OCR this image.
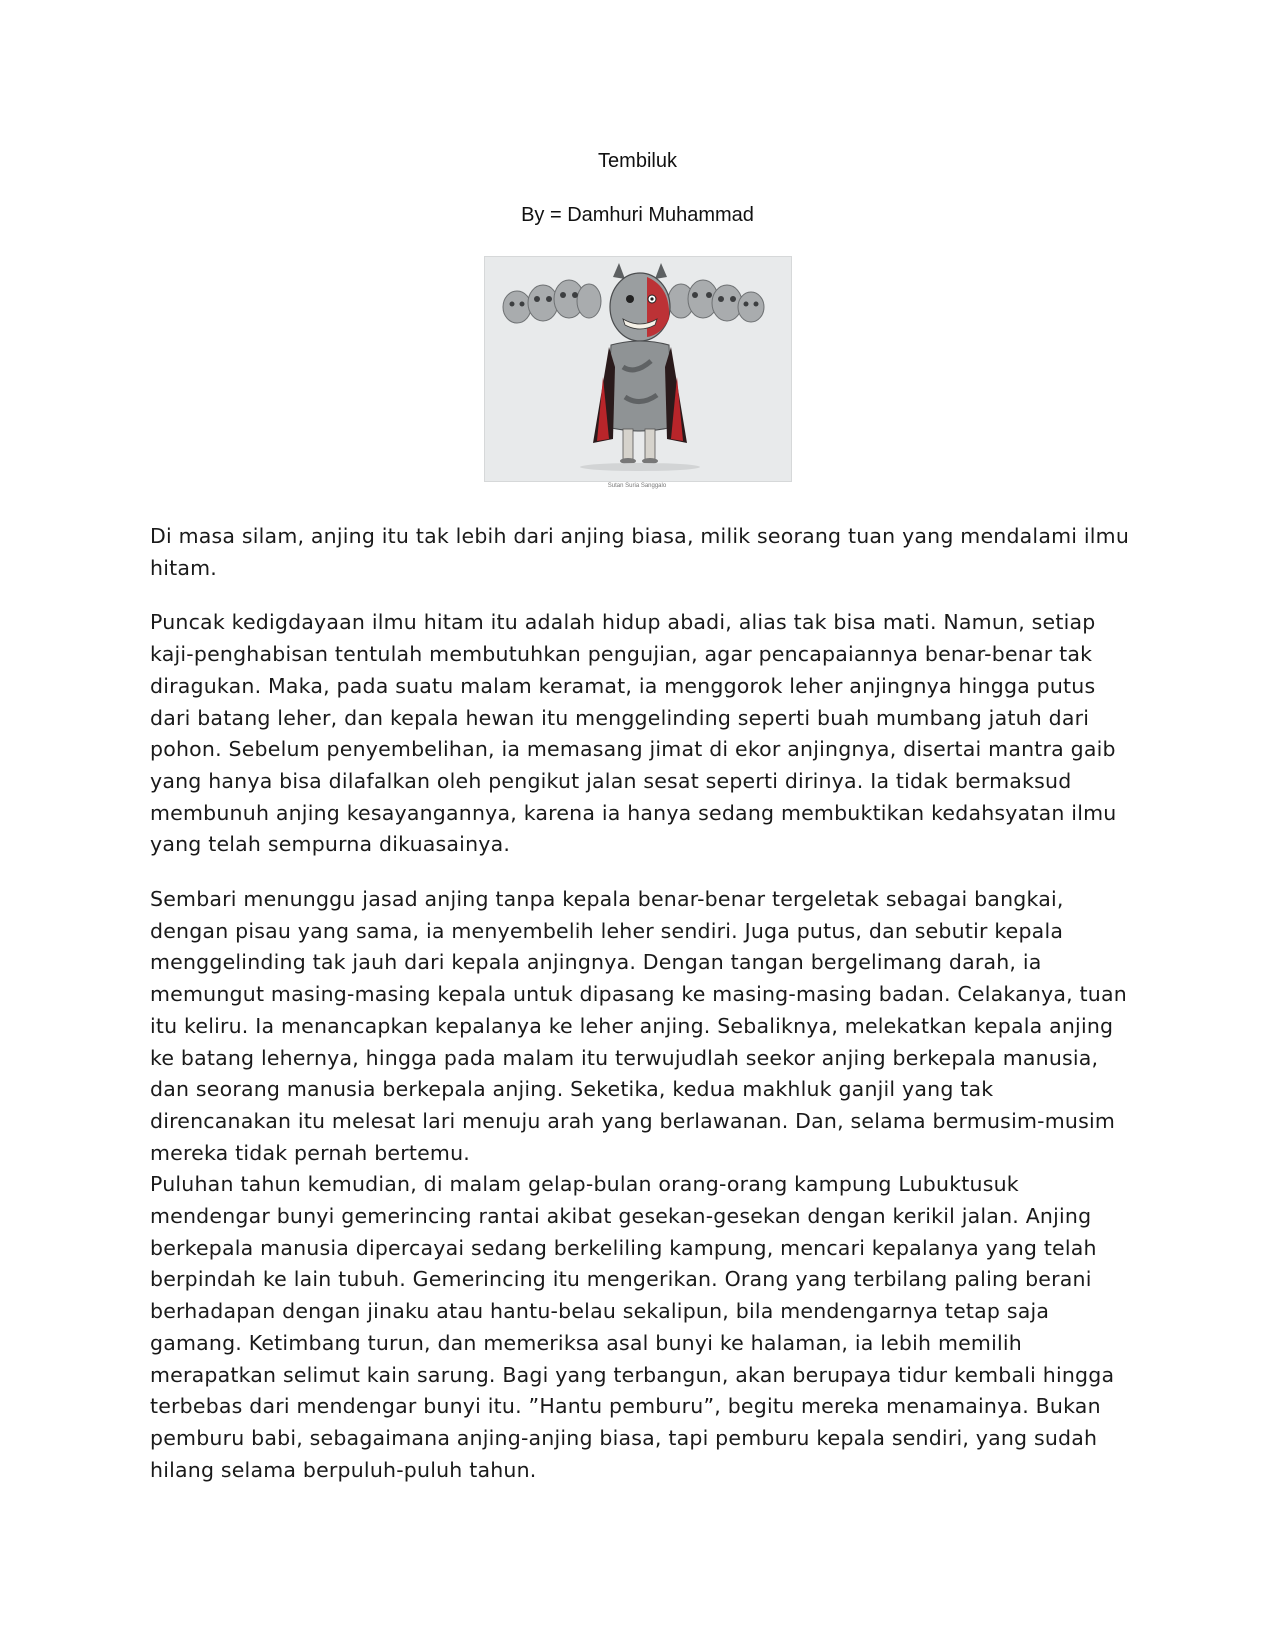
Tembiluk
By = Damhuri Muhammad
Sutan Suria Sanggalo

Di masa silam, anjing itu tak lebih dari anjing biasa, milik seorang tuan yang mendalami ilmu hitam.

Puncak kedigdayaan ilmu hitam itu adalah hidup abadi, alias tak bisa mati. Namun, setiap kaji-penghabisan tentulah membutuhkan pengujian, agar pencapaiannya benar-benar tak diragukan. Maka, pada suatu malam keramat, ia menggorok leher anjingnya hingga putus dari batang leher, dan kepala hewan itu menggelinding seperti buah mumbang jatuh dari pohon. Sebelum penyembelihan, ia memasang jimat di ekor anjingnya, disertai mantra gaib yang hanya bisa dilafalkan oleh pengikut jalan sesat seperti dirinya. Ia tidak bermaksud membunuh anjing kesayangannya, karena ia hanya sedang membuktikan kedahsyatan ilmu yang telah sempurna dikuasainya.

Sembari menunggu jasad anjing tanpa kepala benar-benar tergeletak sebagai bangkai, dengan pisau yang sama, ia menyembelih leher sendiri. Juga putus, dan sebutir kepala menggelinding tak jauh dari kepala anjingnya. Dengan tangan bergelimang darah, ia memungut masing-masing kepala untuk dipasang ke masing-masing badan. Celakanya, tuan itu keliru. Ia menancapkan kepalanya ke leher anjing. Sebaliknya, melekatkan kepala anjing ke batang lehernya, hingga pada malam itu terwujudlah seekor anjing berkepala manusia, dan seorang manusia berkepala anjing. Seketika, kedua makhluk ganjil yang tak direncanakan itu melesat lari menuju arah yang berlawanan. Dan, selama bermusim-musim mereka tidak pernah bertemu.

Puluhan tahun kemudian, di malam gelap-bulan orang-orang kampung Lubuktusuk mendengar bunyi gemerincing rantai akibat gesekan-gesekan dengan kerikil jalan. Anjing berkepala manusia dipercayai sedang berkeliling kampung, mencari kepalanya yang telah berpindah ke lain tubuh. Gemerincing itu mengerikan. Orang yang terbilang paling berani berhadapan dengan jinaku atau hantu-belau sekalipun, bila mendengarnya tetap saja gamang. Ketimbang turun, dan memeriksa asal bunyi ke halaman, ia lebih memilih merapatkan selimut kain sarung. Bagi yang terbangun, akan berupaya tidur kembali hingga terbebas dari mendengar bunyi itu. ”Hantu pemburu”, begitu mereka menamainya. Bukan pemburu babi, sebagaimana anjing-anjing biasa, tapi pemburu kepala sendiri, yang sudah hilang selama berpuluh-puluh tahun.
